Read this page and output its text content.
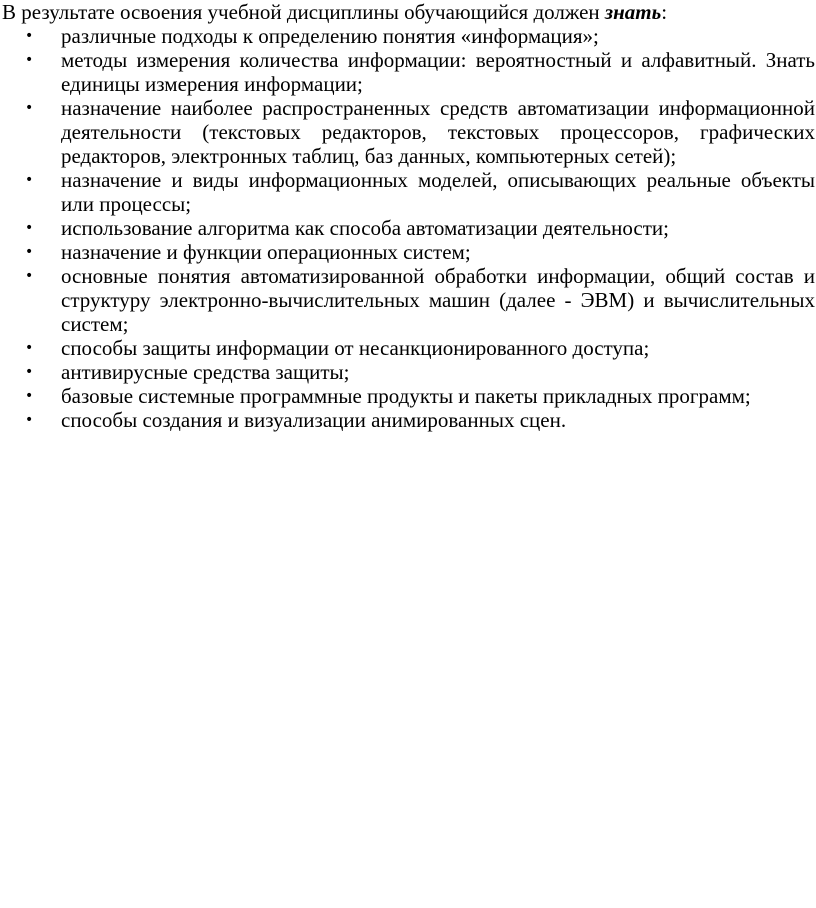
В результате освоения учебной дисциплины обучающийся должен знать:

•	различные подходы к определению понятия «информация»;
•	методы измерения количества информации: вероятностный и алфавитный. Знать единицы измерения информации;
•	назначение наиболее распространенных средств автоматизации информационной деятельности (текстовых редакторов, текстовых процессоров, графических редакторов, электронных таблиц, баз данных, компьютерных сетей);
•	назначение и виды информационных моделей, описывающих реальные объекты или процессы;
•	использование алгоритма как способа автоматизации деятельности;
•	назначение и функции операционных систем;
•	основные понятия автоматизированной обработки информации, общий состав и структуру электронно-вычислительных машин (далее - ЭВМ) и вычислительных систем;
•	способы защиты информации от несанкционированного доступа;
•	антивирусные средства защиты;
•	базовые системные программные продукты и пакеты прикладных программ;
•	способы создания и визуализации анимированных сцен.
